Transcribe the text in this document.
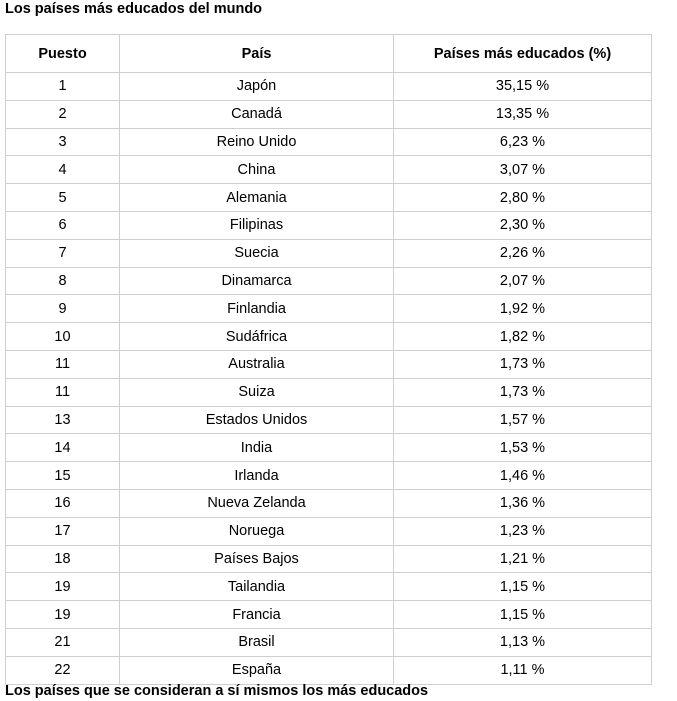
Los países más educados del mundo
Puesto	País	Países más educados (%)
1	Japón	35,15 %
2	Canadá	13,35 %
3	Reino Unido	6,23 %
4	China	3,07 %
5	Alemania	2,80 %
6	Filipinas	2,30 %
7	Suecia	2,26 %
8	Dinamarca	2,07 %
9	Finlandia	1,92 %
10	Sudáfrica	1,82 %
11	Australia	1,73 %
11	Suiza	1,73 %
13	Estados Unidos	1,57 %
14	India	1,53 %
15	Irlanda	1,46 %
16	Nueva Zelanda	1,36 %
17	Noruega	1,23 %
18	Países Bajos	1,21 %
19	Tailandia	1,15 %
19	Francia	1,15 %
21	Brasil	1,13 %
22	España	1,11 %
Los países que se consideran a sí mismos los más educados
